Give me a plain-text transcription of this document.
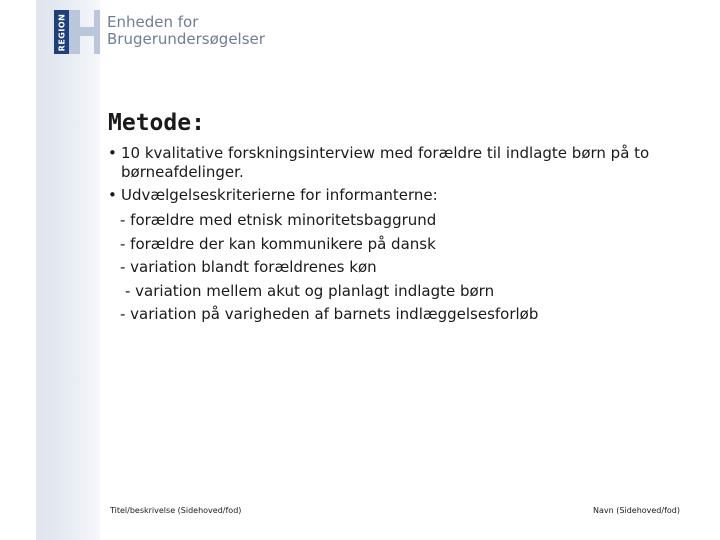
REGION	Enheden for
Brugerundersøgelser
Metode:
• 10 kvalitative forskningsinterview med forældre til indlagte børn på to børneafdelinger.
• Udvælgelseskriterierne for informanterne:
- forældre med etnisk minoritetsbaggrund
- forældre der kan kommunikere på dansk
- variation blandt forældrenes køn
- variation mellem akut og planlagt indlagte børn
- variation på varigheden af barnets indlæggelsesforløb
Titel/beskrivelse (Sidehoved/fod)	Navn (Sidehoved/fod)
